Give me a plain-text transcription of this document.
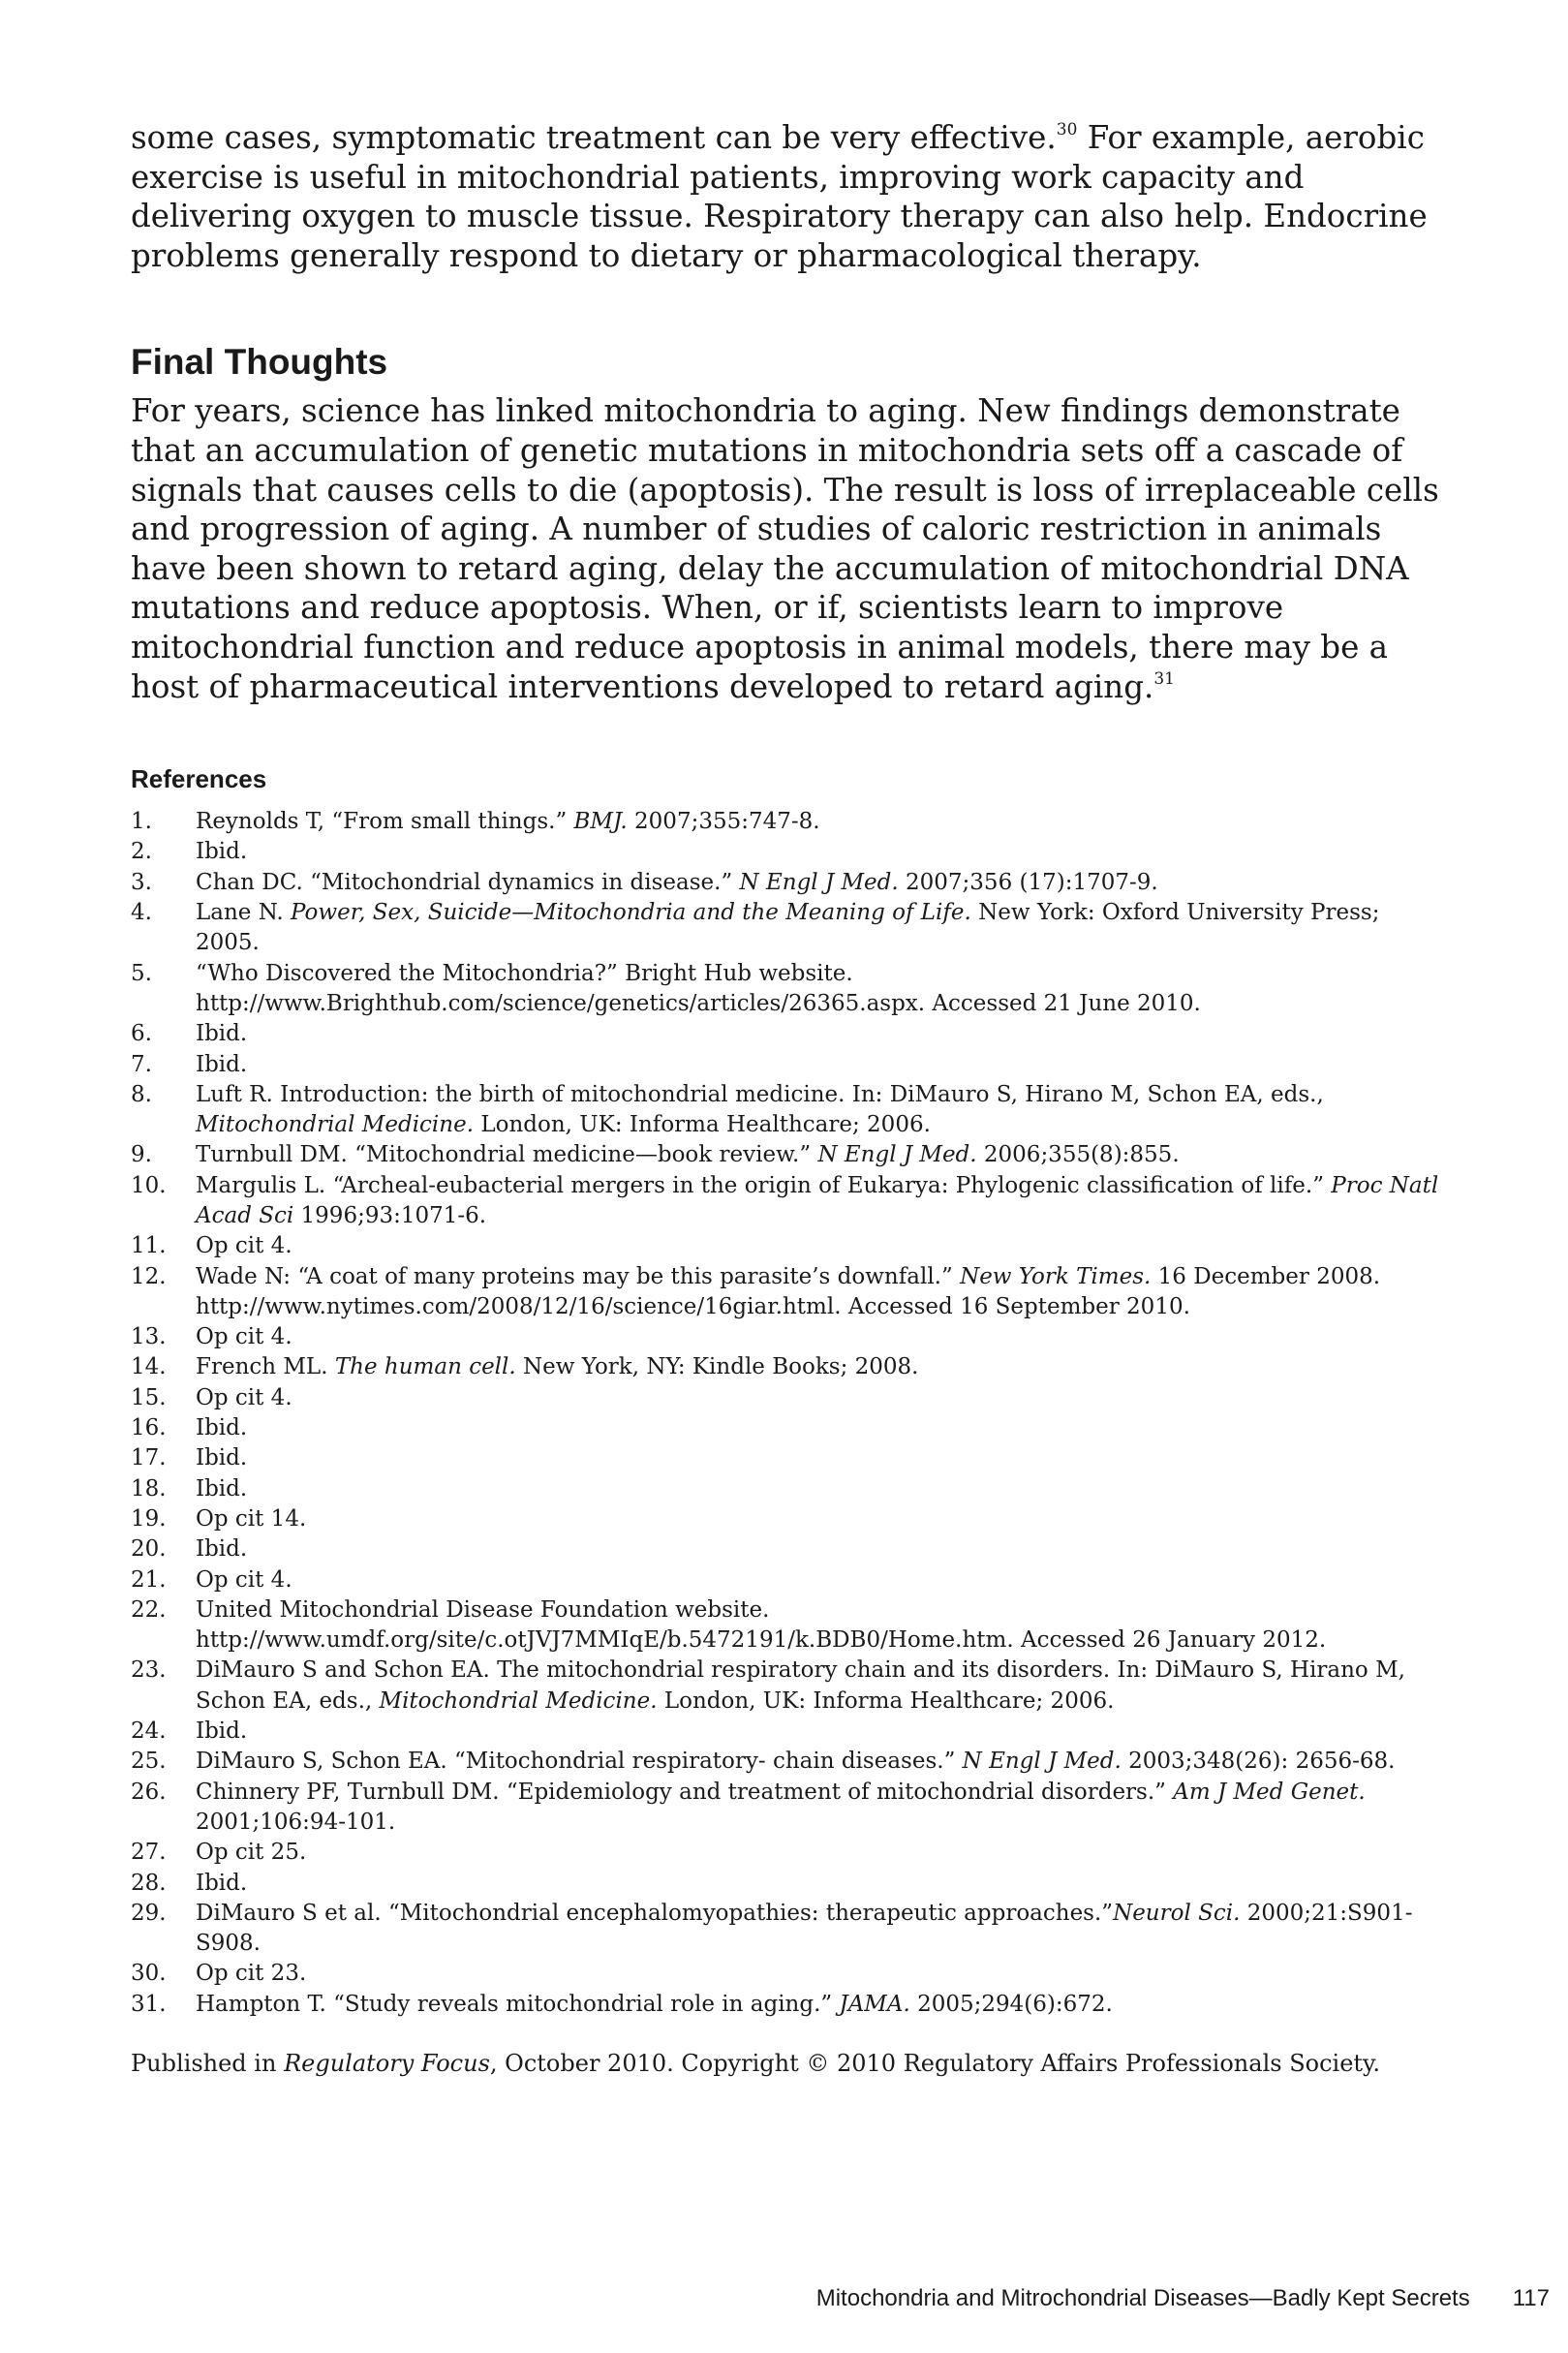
some cases, symptomatic treatment can be very effective.$^{30}$ For example, aerobic exercise is useful in mitochondrial patients, improving work capacity and delivering oxygen to muscle tissue. Respiratory therapy can also help. Endocrine problems generally respond to dietary or pharmacological therapy.

Final Thoughts

For years, science has linked mitochondria to aging. New findings demonstrate that an accumulation of genetic mutations in mitochondria sets off a cascade of signals that causes cells to die (apoptosis). The result is loss of irreplaceable cells and progression of aging. A number of studies of caloric restriction in animals have been shown to retard aging, delay the accumulation of mitochondrial DNA mutations and reduce apoptosis. When, or if, scientists learn to improve mitochondrial function and reduce apoptosis in animal models, there may be a host of pharmaceutical interventions developed to retard aging.$^{31}$

References
1.	Reynolds T, “From small things.” BMJ. 2007;355:747-8.
2.	Ibid.
3.	Chan DC. “Mitochondrial dynamics in disease.” N Engl J Med. 2007;356 (17):1707-9.
4.	Lane N. Power, Sex, Suicide—Mitochondria and the Meaning of Life. New York: Oxford University Press; 2005.
5.	“Who Discovered the Mitochondria?” Bright Hub website. http://www.Brighthub.com/science/genetics/articles/26365.aspx. Accessed 21 June 2010.
6.	Ibid.
7.	Ibid.
8.	Luft R. Introduction: the birth of mitochondrial medicine. In: DiMauro S, Hirano M, Schon EA, eds., Mitochondrial Medicine. London, UK: Informa Healthcare; 2006.
9.	Turnbull DM. “Mitochondrial medicine—book review.” N Engl J Med. 2006;355(8):855.
10.	Margulis L. “Archeal-eubacterial mergers in the origin of Eukarya: Phylogenic classification of life.” Proc Natl Acad Sci 1996;93:1071-6.
11.	Op cit 4.
12.	Wade N: “A coat of many proteins may be this parasite’s downfall.” New York Times. 16 December 2008. http://www.nytimes.com/2008/12/16/science/16giar.html. Accessed 16 September 2010.
13.	Op cit 4.
14.	French ML. The human cell. New York, NY: Kindle Books; 2008.
15.	Op cit 4.
16.	Ibid.
17.	Ibid.
18.	Ibid.
19.	Op cit 14.
20.	Ibid.
21.	Op cit 4.
22.	United Mitochondrial Disease Foundation website. http://www.umdf.org/site/c.otJVJ7MMIqE/b.5472191/k.BDB0/Home.htm. Accessed 26 January 2012.
23.	DiMauro S and Schon EA. The mitochondrial respiratory chain and its disorders. In: DiMauro S, Hirano M, Schon EA, eds., Mitochondrial Medicine. London, UK: Informa Healthcare; 2006.
24.	Ibid.
25.	DiMauro S, Schon EA. “Mitochondrial respiratory- chain diseases.” N Engl J Med. 2003;348(26): 2656-68.
26.	Chinnery PF, Turnbull DM. “Epidemiology and treatment of mitochondrial disorders.” Am J Med Genet. 2001;106:94-101.
27.	Op cit 25.
28.	Ibid.
29.	DiMauro S et al. “Mitochondrial encephalomyopathies: therapeutic approaches.”Neurol Sci. 2000;21:S901-S908.
30.	Op cit 23.
31.	Hampton T. “Study reveals mitochondrial role in aging.” JAMA. 2005;294(6):672.

Published in Regulatory Focus, October 2010. Copyright © 2010 Regulatory Affairs Professionals Society.

Mitochondria and Mitrochondrial Diseases—Badly Kept Secrets 117
